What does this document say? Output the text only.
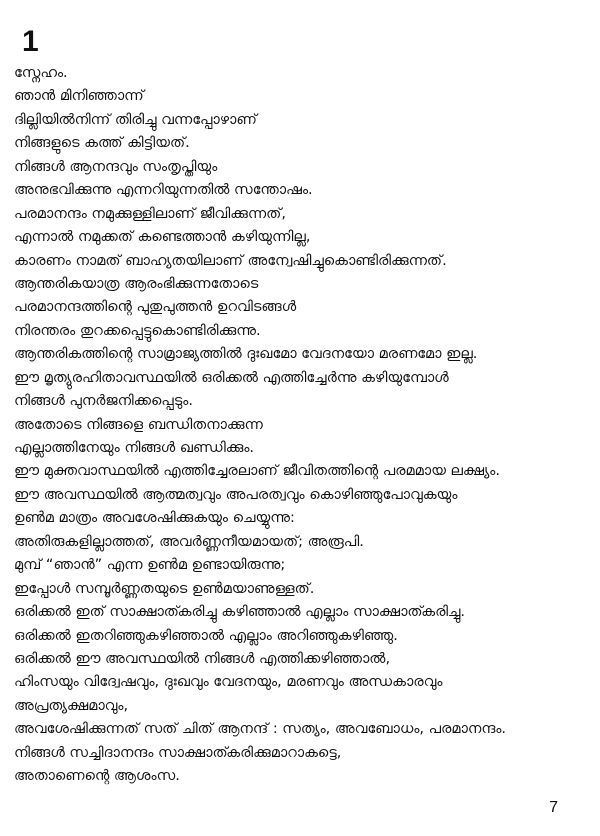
1
സ്നേഹം.
ഞാൻ മിനിഞ്ഞാന്ന്
ദില്ലിയിൽനിന്ന് തിരിച്ചു വന്നപ്പോഴാണ്
നിങ്ങളുടെ കത്ത് കിട്ടിയത്.
നിങ്ങൾ ആനന്ദവും സംതൃപ്തിയും
അനുഭവിക്കുന്നു എന്നറിയുന്നതിൽ സന്തോഷം.
പരമാനന്ദം നമുക്കുള്ളിലാണ് ജീവിക്കുന്നത്,
എന്നാൽ നമുക്കത് കണ്ടെത്താൻ കഴിയുന്നില്ല,
കാരണം നാമത് ബാഹ്യതയിലാണ് അന്വേഷിച്ചുകൊണ്ടിരിക്കുന്നത്.
ആന്തരികയാത്ര ആരംഭിക്കുന്നതോടെ
പരമാനന്ദത്തിന്റെ പുതുപുത്തൻ ഉറവിടങ്ങൾ
നിരന്തരം തുറക്കപ്പെട്ടുകൊണ്ടിരിക്കുന്നു.
ആന്തരികത്തിന്റെ സാമ്രാജ്യത്തിൽ ദുഃഖമോ വേദനയോ മരണമോ ഇല്ല.
ഈ മൃത്യുരഹിതാവസ്ഥയിൽ ഒരിക്കൽ എത്തിച്ചേർന്നു കഴിയുമ്പോൾ
നിങ്ങൾ പുനർജനിക്കപ്പെടും.
അതോടെ നിങ്ങളെ ബന്ധിതനാക്കുന്ന
എല്ലാത്തിനേയും നിങ്ങൾ ഖണ്ഡിക്കും.
ഈ മുക്തവാസ്ഥയിൽ എത്തിച്ചേരലാണ് ജീവിതത്തിന്റെ പരമമായ ലക്ഷ്യം.
ഈ അവസ്ഥയിൽ ആത്മത്വവും അപരത്വവും കൊഴിഞ്ഞുപോവുകയും
ഉൺമ മാത്രം അവശേഷിക്കുകയും ചെയ്യുന്നു:
അതിരുകളില്ലാത്തത്, അവർണ്ണനീയമായത്; അരൂപി.
മുമ്പ് “ഞാൻ” എന്ന ഉൺമ ഉണ്ടായിരുന്നു;
ഇപ്പോൾ സമ്പൂർണ്ണതയുടെ ഉൺമയാണുള്ളത്.
ഒരിക്കൽ ഇത് സാക്ഷാത്കരിച്ചു കഴിഞ്ഞാൽ എല്ലാം സാക്ഷാത്കരിച്ചു.
ഒരിക്കൽ ഇതറിഞ്ഞുകഴിഞ്ഞാൽ എല്ലാം അറിഞ്ഞുകഴിഞ്ഞു.
ഒരിക്കൽ ഈ അവസ്ഥയിൽ നിങ്ങൾ എത്തിക്കഴിഞ്ഞാൽ,
ഹിംസയും വിദ്വേഷവും, ദുഃഖവും വേദനയും, മരണവും അന്ധകാരവും
അപ്രത്യക്ഷമാവും,
അവശേഷിക്കുന്നത് സത് ചിത് ആനന്ദ് : സത്യം, അവബോധം, പരമാനന്ദം.
നിങ്ങൾ സച്ചിദാനന്ദം സാക്ഷാത്കരിക്കുമാറാകട്ടെ,
അതാണെന്റെ ആശംസ.
7
